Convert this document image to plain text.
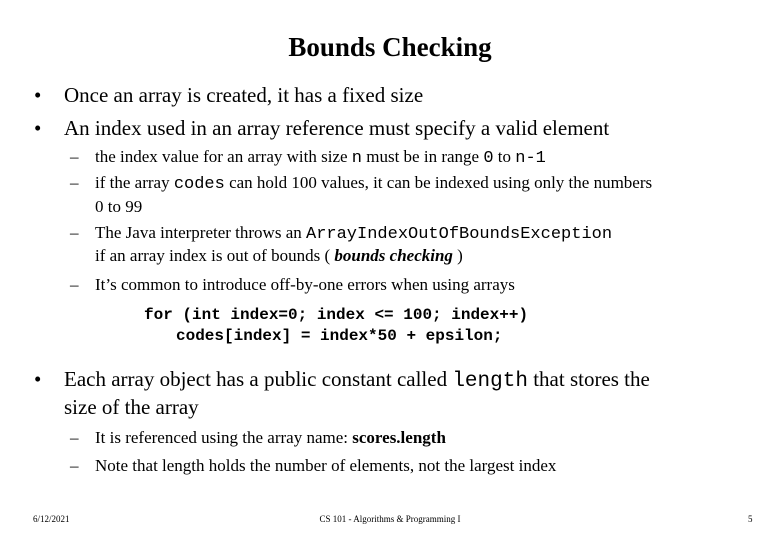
Bounds Checking
• Once an array is created, it has a fixed size
• An index used in an array reference must specify a valid element
– the index value for an array with size n must be in range 0 to n-1
– if the array codes can hold 100 values, it can be indexed using only the numbers
0 to 99
– The Java interpreter throws an ArrayIndexOutOfBoundsException
if an array index is out of bounds ( bounds checking )
– It’s common to introduce off-by-one errors when using arrays
for (int index=0; index <= 100; index++)
codes[index] = index*50 + epsilon;
• Each array object has a public constant called length that stores the
size of the array
– It is referenced using the array name: scores.length
– Note that length holds the number of elements, not the largest index
6/12/2021	CS 101 - Algorithms & Programming I	5
